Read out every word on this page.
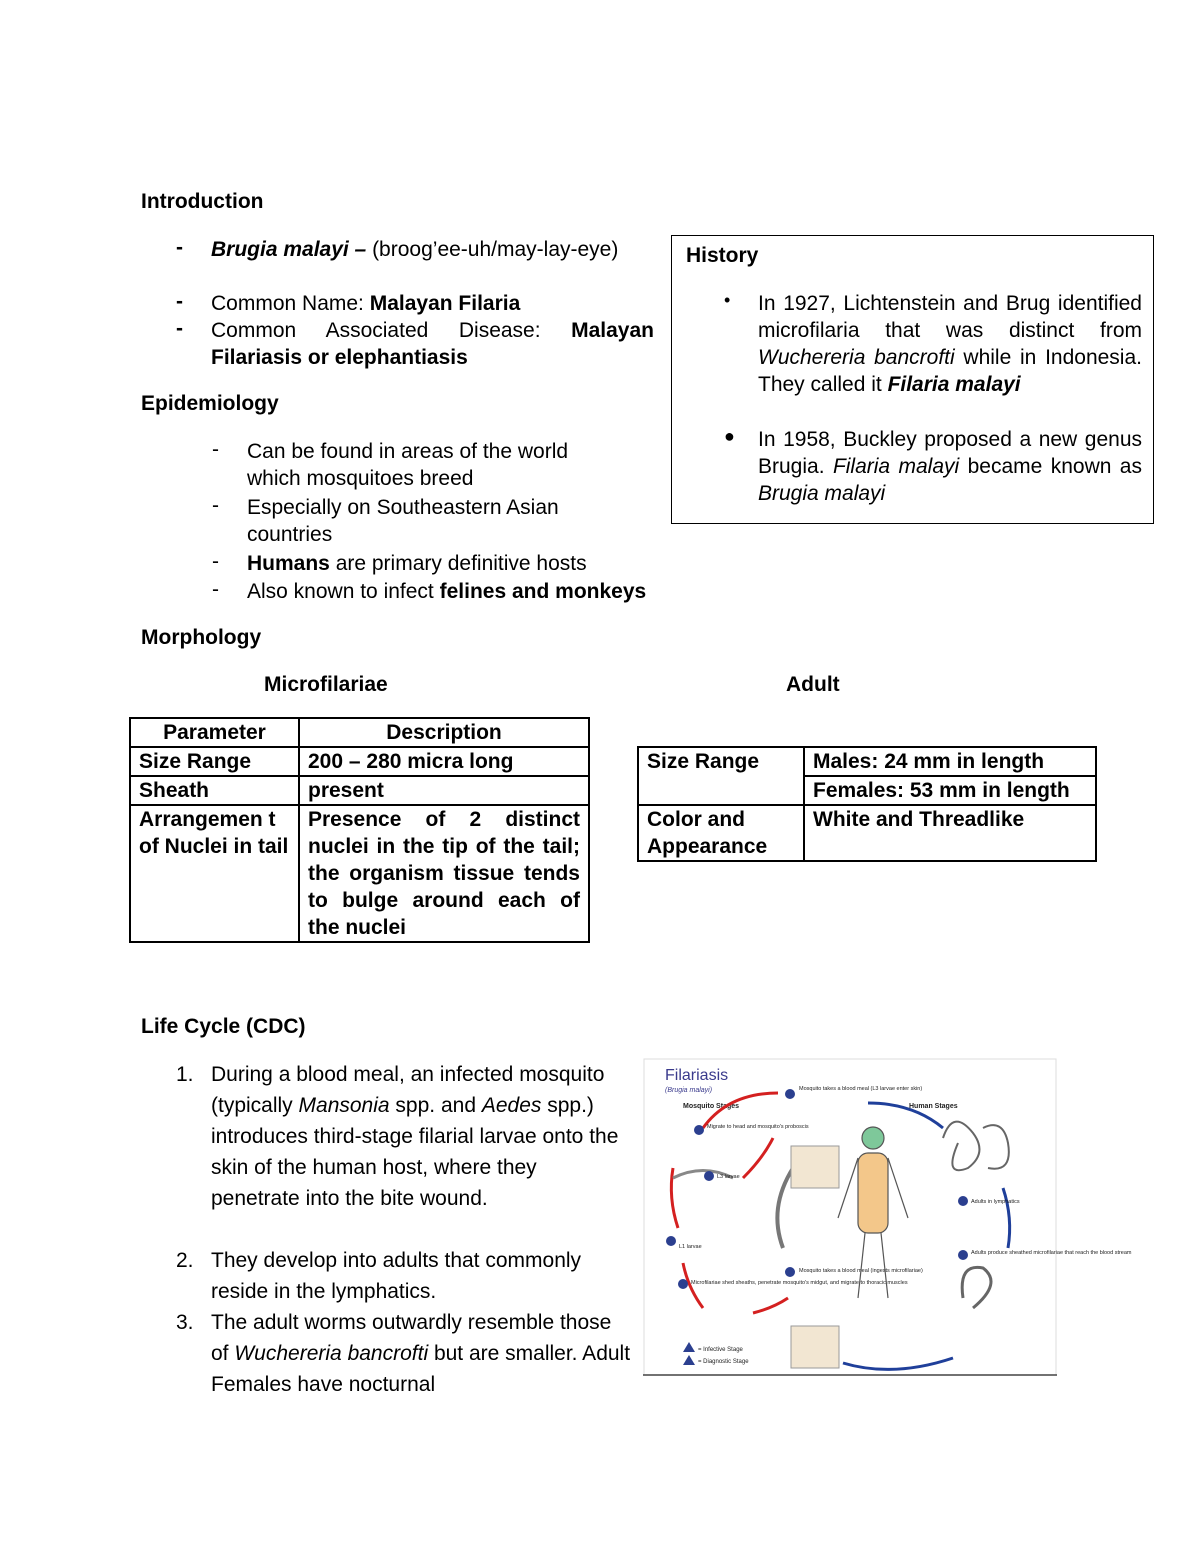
Introduction
- Brugia malayi – (broog’ee-uh/may-lay-eye)
- Common Name: Malayan Filaria
- Common Associated Disease: Malayan Filariasis or elephantiasis
History
• In 1927, Lichtenstein and Brug identified microfilaria that was distinct from Wuchereria bancrofti while in Indonesia. They called it Filaria malayi
● In 1958, Buckley proposed a new genus Brugia. Filaria malayi became known as Brugia malayi
Epidemiology
- Can be found in areas of the world which mosquitoes breed
- Especially on Southeastern Asian countries
- Humans are primary definitive hosts
- Also known to infect felines and monkeys
Morphology
Microfilariae	Adult
Parameter	Description
Size Range	200 – 280 micra long
Sheath	present
Arrangemen t of Nuclei in tail	Presence of 2 distinct nuclei in the tip of the tail; the organism tissue tends to bulge around each of the nuclei
Size Range	Males: 24 mm in length
	Females: 53 mm in length
Color and Appearance	White and Threadlike
Life Cycle (CDC)
1. During a blood meal, an infected mosquito (typically Mansonia spp. and Aedes spp.) introduces third-stage filarial larvae onto the skin of the human host, where they penetrate into the bite wound.
2. They develop into adults that commonly reside in the lymphatics.
3. The adult worms outwardly resemble those of Wuchereria bancrofti but are smaller. Adult Females have nocturnal
Filariasis
(Brugia malayi)
Mosquito Stages	Human Stages
Mosquito takes a blood meal (L3 larvae enter skin)
Adults in lymphatics
Adults produce sheathed microfilariae that reach the blood stream
Mosquito takes a blood meal (ingests microfilariae)
Microfilariae shed sheaths, penetrate mosquito's midgut, and migrate to thoracic muscles
L1 larvae
L3 larvae
Migrate to head and mosquito's proboscis
= Infective Stage
= Diagnostic Stage
